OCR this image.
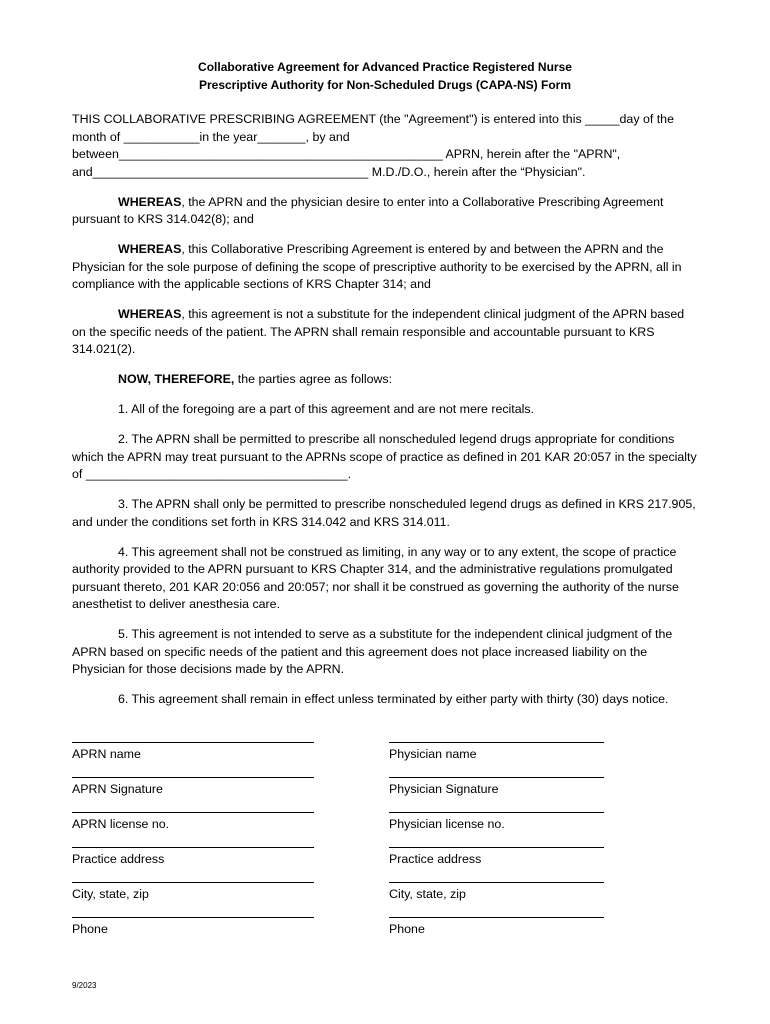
Collaborative Agreement for Advanced Practice Registered Nurse
Prescriptive Authority for Non-Scheduled Drugs (CAPA-NS) Form

THIS COLLABORATIVE PRESCRIBING AGREEMENT (the "Agreement") is entered into this _____day of the month of ___________in the year_______, by and between_______________________________________________ APRN, herein after the "APRN", and________________________________________ M.D./D.O., herein after the “Physician".

WHEREAS, the APRN and the physician desire to enter into a Collaborative Prescribing Agreement pursuant to KRS 314.042(8); and

WHEREAS, this Collaborative Prescribing Agreement is entered by and between the APRN and the Physician for the sole purpose of defining the scope of prescriptive authority to be exercised by the APRN, all in compliance with the applicable sections of KRS Chapter 314; and

WHEREAS, this agreement is not a substitute for the independent clinical judgment of the APRN based on the specific needs of the patient. The APRN shall remain responsible and accountable pursuant to KRS 314.021(2).

NOW, THEREFORE, the parties agree as follows:

1. All of the foregoing are a part of this agreement and are not mere recitals.

2. The APRN shall be permitted to prescribe all nonscheduled legend drugs appropriate for conditions which the APRN may treat pursuant to the APRNs scope of practice as defined in 201 KAR 20:057 in the specialty of ______________________________________.

3. The APRN shall only be permitted to prescribe nonscheduled legend drugs as defined in KRS 217.905, and under the conditions set forth in KRS 314.042 and KRS 314.011.

4. This agreement shall not be construed as limiting, in any way or to any extent, the scope of practice authority provided to the APRN pursuant to KRS Chapter 314, and the administrative regulations promulgated pursuant thereto, 201 KAR 20:056 and 20:057; nor shall it be construed as governing the authority of the nurse anesthetist to deliver anesthesia care.

5. This agreement is not intended to serve as a substitute for the independent clinical judgment of the APRN based on specific needs of the patient and this agreement does not place increased liability on the Physician for those decisions made by the APRN.

6. This agreement shall remain in effect unless terminated by either party with thirty (30) days notice.

APRN name	Physician name
APRN Signature	Physician Signature
APRN license no.	Physician license no.
Practice address	Practice address
City, state, zip	City, state, zip
Phone	Phone
9/2023
